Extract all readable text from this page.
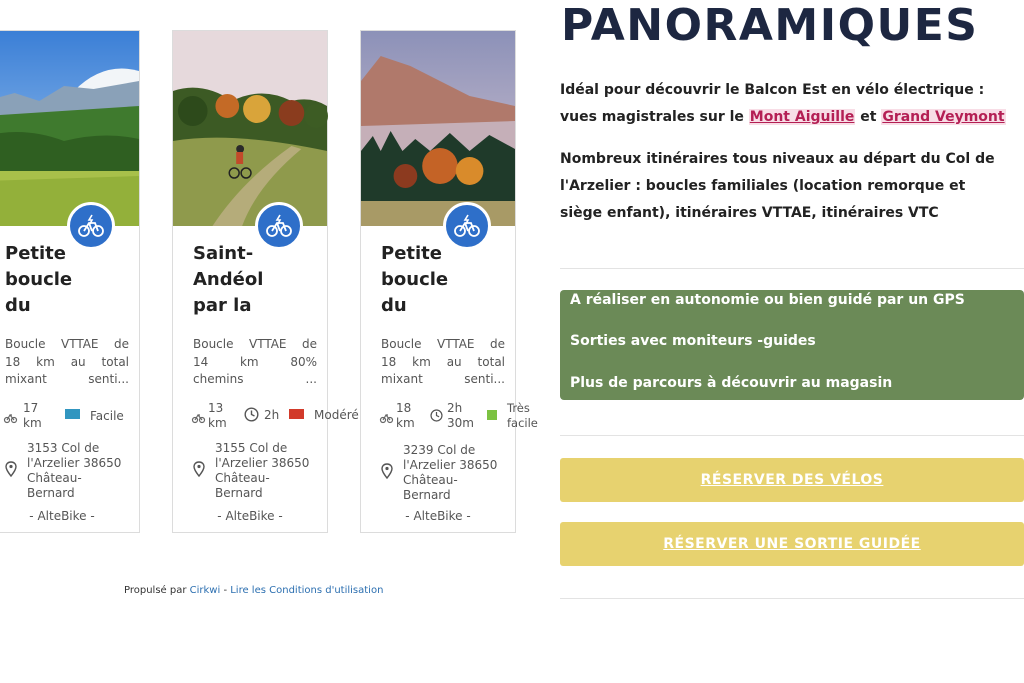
Petite
boucle
du
Boucle VTTAE de
18 km au total
mixant senti...
17
km	Facile
3153 Col de
l'Arzelier 38650
Château-
Bernard
- AlteBike -
Saint-
Andéol
par la
Boucle VTTAE de
14 km 80%
chemins ...
13
km
2h	Modéré
3155 Col de
l'Arzelier 38650
Château-
Bernard
- AlteBike -
Petite
boucle
du
Boucle VTTAE de
18 km au total
mixant senti...
18
km
2h
30m
Très
facile
3239 Col de
l'Arzelier 38650
Château-
Bernard
- AlteBike -
Propulsé par Cirkwi - Lire les Conditions d'utilisation
PANORAMIQUES
Idéal pour découvrir le Balcon Est en vélo électrique : vues magistrales sur le Mont Aiguille et Grand Veymont
Nombreux itinéraires tous niveaux au départ du Col de l'Arzelier : boucles familiales (location remorque et siège enfant), itinéraires VTTAE, itinéraires VTC
A réaliser en autonomie ou bien guidé par un GPS
Sorties avec moniteurs -guides
Plus de parcours à découvrir au magasin
RÉSERVER DES VÉLOS
RÉSERVER UNE SORTIE GUIDÉE
